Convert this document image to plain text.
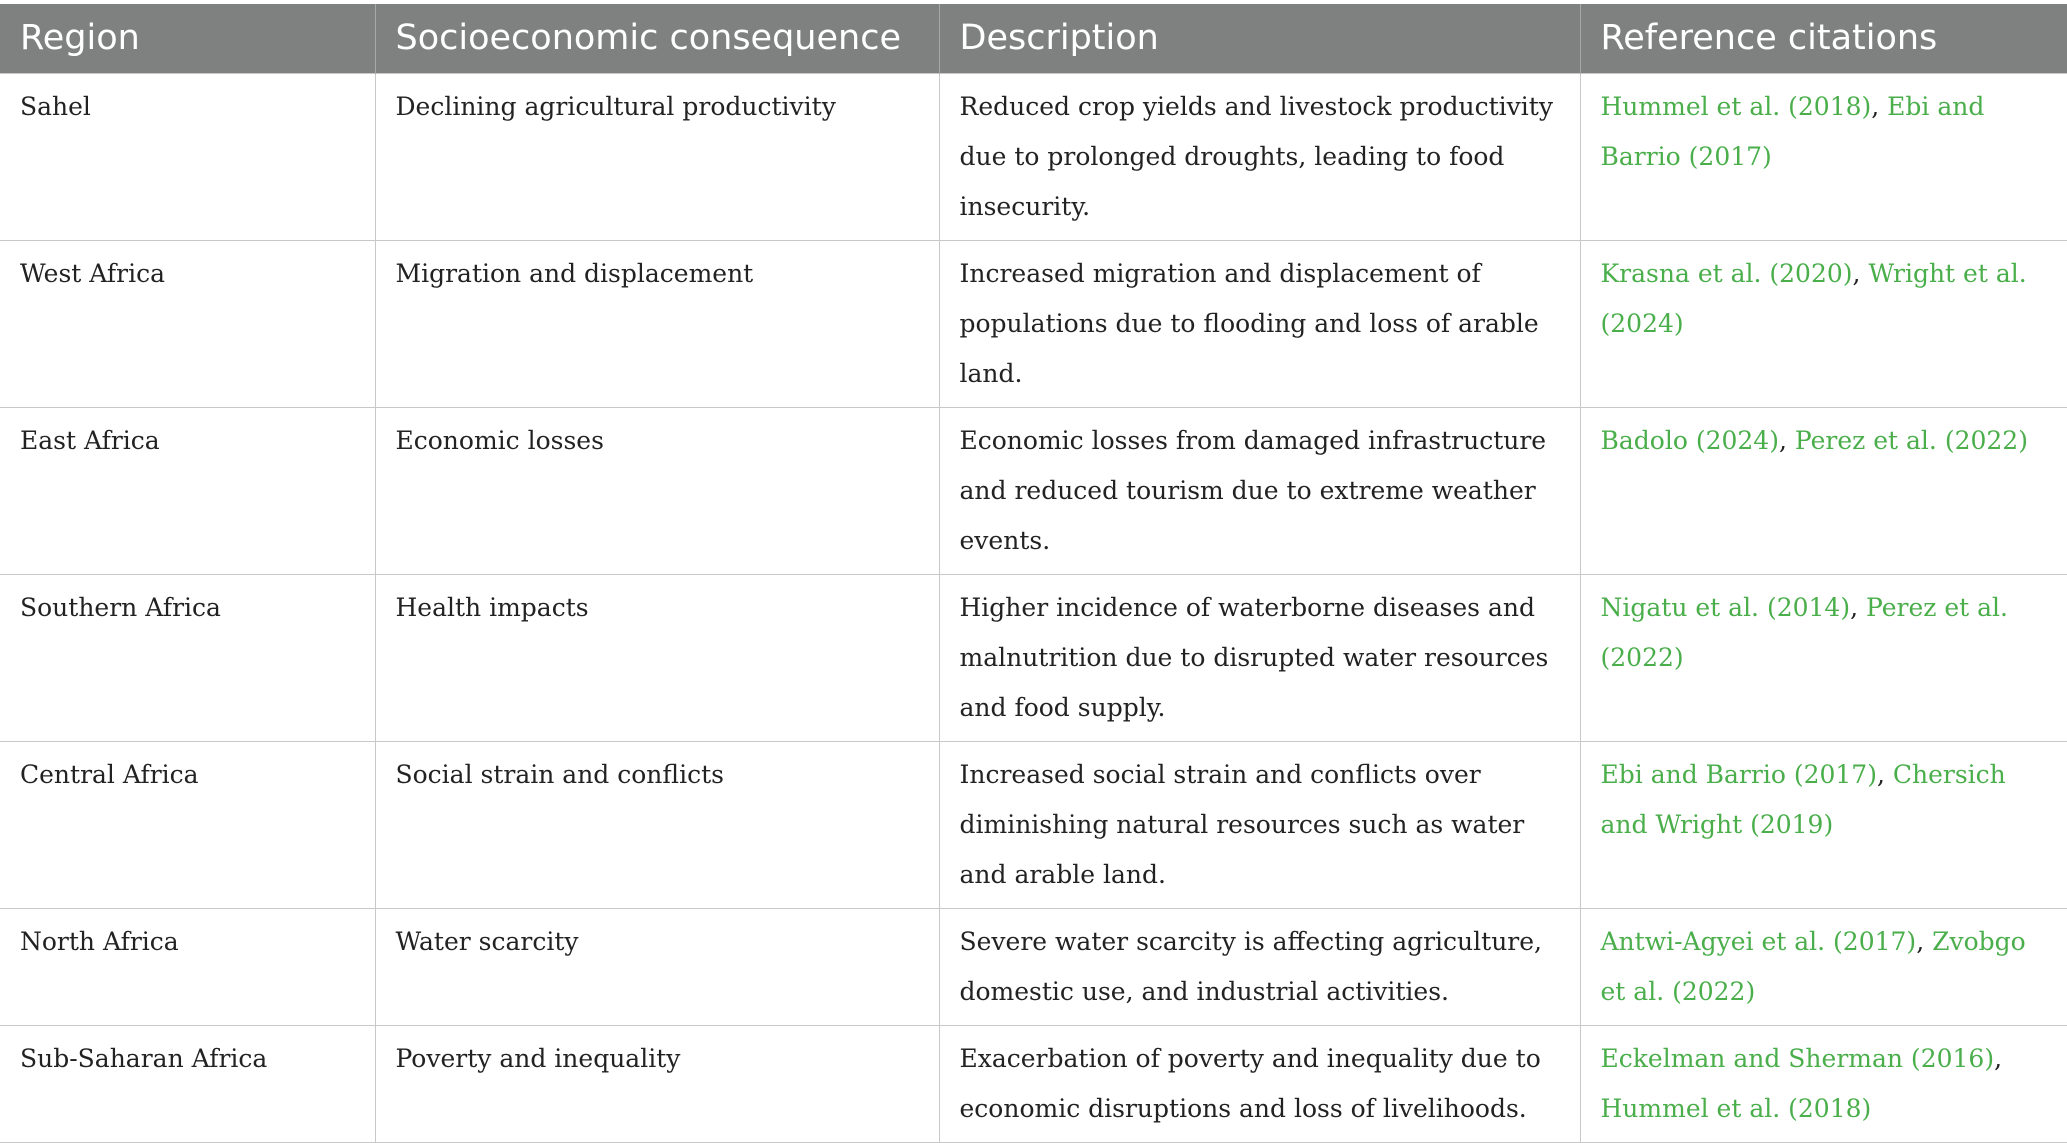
Region	Socioeconomic consequence	Description	Reference citations
Sahel	Declining agricultural productivity	Reduced crop yields and livestock productivity due to prolonged droughts, leading to food insecurity.	Hummel et al. (2018), Ebi and Barrio (2017)
West Africa	Migration and displacement	Increased migration and displacement of populations due to flooding and loss of arable land.	Krasna et al. (2020), Wright et al. (2024)
East Africa	Economic losses	Economic losses from damaged infrastructure and reduced tourism due to extreme weather events.	Badolo (2024), Perez et al. (2022)
Southern Africa	Health impacts	Higher incidence of waterborne diseases and malnutrition due to disrupted water resources and food supply.	Nigatu et al. (2014), Perez et al. (2022)
Central Africa	Social strain and conflicts	Increased social strain and conflicts over diminishing natural resources such as water and arable land.	Ebi and Barrio (2017), Chersich and Wright (2019)
North Africa	Water scarcity	Severe water scarcity is affecting agriculture, domestic use, and industrial activities.	Antwi-Agyei et al. (2017), Zvobgo et al. (2022)
Sub-Saharan Africa	Poverty and inequality	Exacerbation of poverty and inequality due to economic disruptions and loss of livelihoods.	Eckelman and Sherman (2016), Hummel et al. (2018)
